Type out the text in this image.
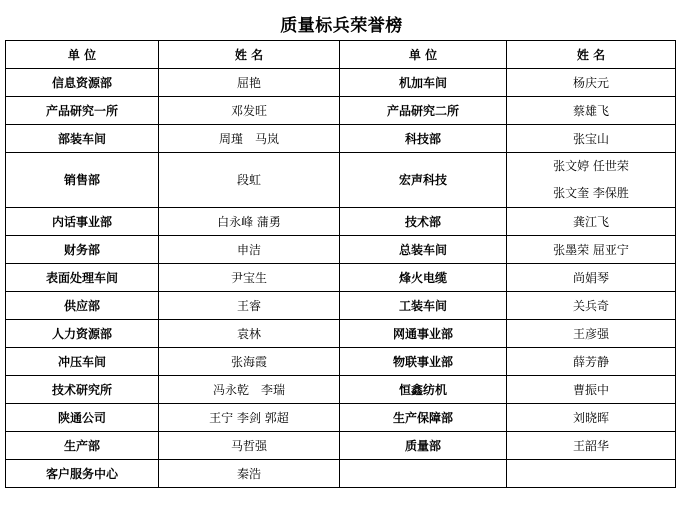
质量标兵荣誉榜
单 位	姓 名	单 位	姓 名
信息资源部	屈艳	机加车间	杨庆元
产品研究一所	邓发旺	产品研究二所	蔡雄飞
部装车间	周瑾　马岚	科技部	张宝山
销售部	段虹	宏声科技	张文婷 任世荣
张文奎 李保胜

内话事业部	白永峰 蒲勇	技术部	龚江飞
财务部	申洁	总装车间	张墨荣 屈亚宁
表面处理车间	尹宝生	烽火电缆	尚娟琴
供应部	王睿	工装车间	关兵奇
人力资源部	袁林	网通事业部	王彦强
冲压车间	张海霞	物联事业部	薛芳静
技术研究所	冯永乾　李瑞	恒鑫纺机	曹振中
陕通公司	王宁 李剑 郭超	生产保障部	刘晓晖
生产部	马哲强	质量部	王韶华
客户服务中心	秦浩		
